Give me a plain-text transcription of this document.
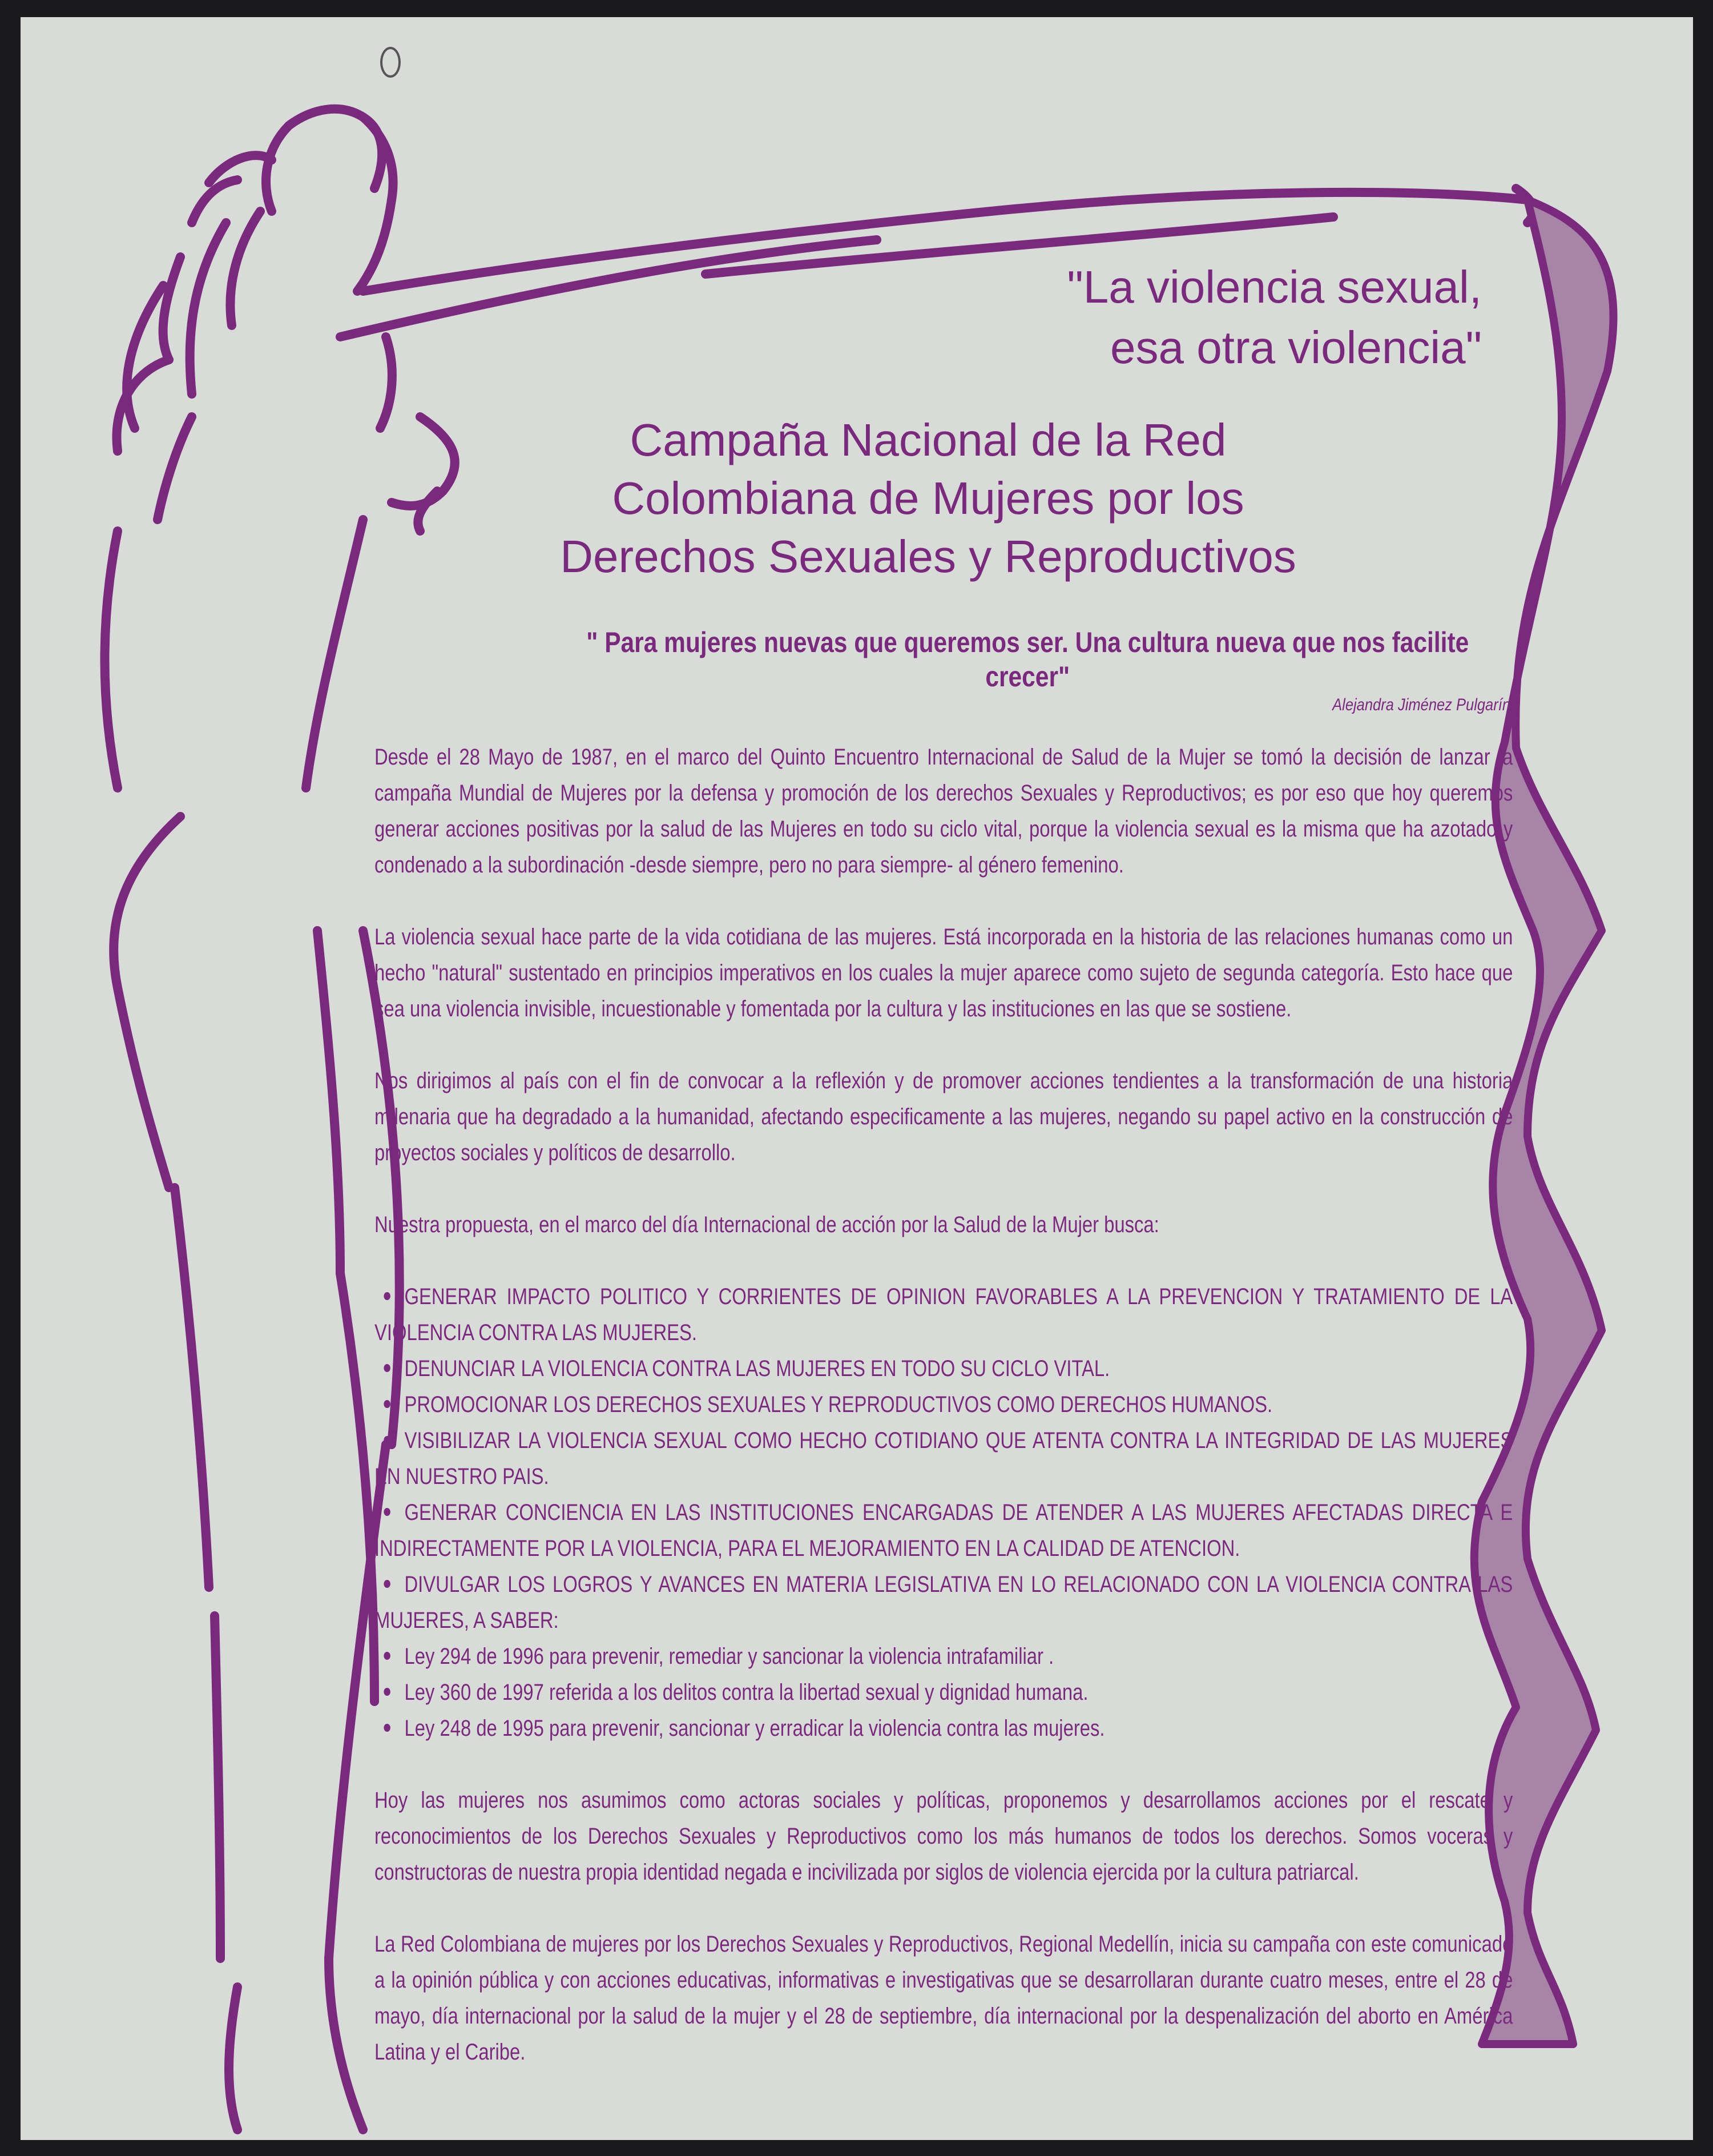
"La violencia sexual,
esa otra violencia"
Campaña Nacional de la Red
Colombiana de Mujeres por los
Derechos Sexuales y Reproductivos
" Para mujeres nuevas que queremos ser. Una cultura nueva que nos facilite crecer"
Alejandra Jiménez Pulgarín

Desde el 28 Mayo de 1987, en el marco del Quinto Encuentro Internacional de Salud de la Mujer se tomó la decisión de lanzar la campaña Mundial de Mujeres por la defensa y promoción de los derechos Sexuales y Reproductivos; es por eso que hoy queremos generar acciones positivas por la salud de las Mujeres en todo su ciclo vital, porque la violencia sexual es la misma que ha azotado y condenado a la subordinación -desde siempre, pero no para siempre- al género femenino.

La violencia sexual hace parte de la vida cotidiana de las mujeres. Está incorporada en la historia de las relaciones humanas como un hecho "natural" sustentado en principios imperativos en los cuales la mujer aparece como sujeto de segunda categoría. Esto hace que sea una violencia invisible, incuestionable y fomentada por la cultura y las instituciones en las que se sostiene.

Nos dirigimos al país con el fin de convocar a la reflexión y de promover acciones tendientes a la transformación de una historia milenaria que ha degradado a la humanidad, afectando especificamente a las mujeres, negando su papel activo en la construcción de proyectos sociales y políticos de desarrollo.

Nuestra propuesta, en el marco del día Internacional de acción por la Salud de la Mujer busca:

GENERAR IMPACTO POLITICO Y CORRIENTES DE OPINION FAVORABLES A LA PREVENCION Y TRATAMIENTO DE LA VIOLENCIA CONTRA LAS MUJERES.
DENUNCIAR LA VIOLENCIA CONTRA LAS MUJERES EN TODO SU CICLO VITAL.
PROMOCIONAR LOS DERECHOS SEXUALES Y REPRODUCTIVOS COMO DERECHOS HUMANOS.
VISIBILIZAR LA VIOLENCIA SEXUAL COMO HECHO COTIDIANO QUE ATENTA CONTRA LA INTEGRIDAD DE LAS MUJERES EN NUESTRO PAIS.
GENERAR CONCIENCIA EN LAS INSTITUCIONES ENCARGADAS DE ATENDER A LAS MUJERES AFECTADAS DIRECTA E INDIRECTAMENTE POR LA VIOLENCIA, PARA EL MEJORAMIENTO EN LA CALIDAD DE ATENCION.
DIVULGAR LOS LOGROS Y AVANCES EN MATERIA LEGISLATIVA EN LO RELACIONADO CON LA VIOLENCIA CONTRA LAS MUJERES, A SABER:
Ley 294 de 1996 para prevenir, remediar y sancionar la violencia intrafamiliar .
Ley 360 de 1997 referida a los delitos contra la libertad sexual y dignidad humana.
Ley 248 de 1995 para prevenir, sancionar y erradicar la violencia contra las mujeres.

Hoy las mujeres nos asumimos como actoras sociales y políticas, proponemos y desarrollamos acciones por el rescate y reconocimientos de los Derechos Sexuales y Reproductivos como los más humanos de todos los derechos. Somos voceras y constructoras de nuestra propia identidad negada e incivilizada por siglos de violencia ejercida por la cultura patriarcal.

La Red Colombiana de mujeres por los Derechos Sexuales y Reproductivos, Regional Medellín, inicia su campaña con este comunicado a la opinión pública y con acciones educativas, informativas e investigativas que se desarrollaran durante cuatro meses, entre el 28 de mayo, día internacional por la salud de la mujer y el 28 de septiembre, día internacional por la despenalización del aborto en América Latina y el Caribe.
